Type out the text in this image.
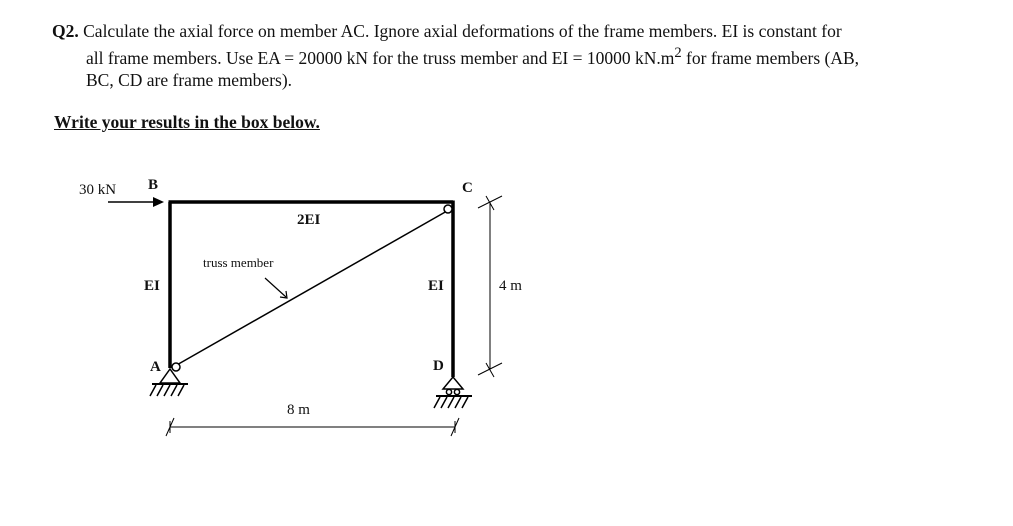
Q2. Calculate the axial force on member AC. Ignore axial deformations of the frame members. EI is constant for
all frame members. Use EA = 20000 kN for the truss member and EI = 10000 $kN.m^2$ for frame members (AB,
BC, CD are frame members).
Write your results in the box below.
30 kN B	C
A	D
2EI
EI	EI
truss member
4 m
8 m
